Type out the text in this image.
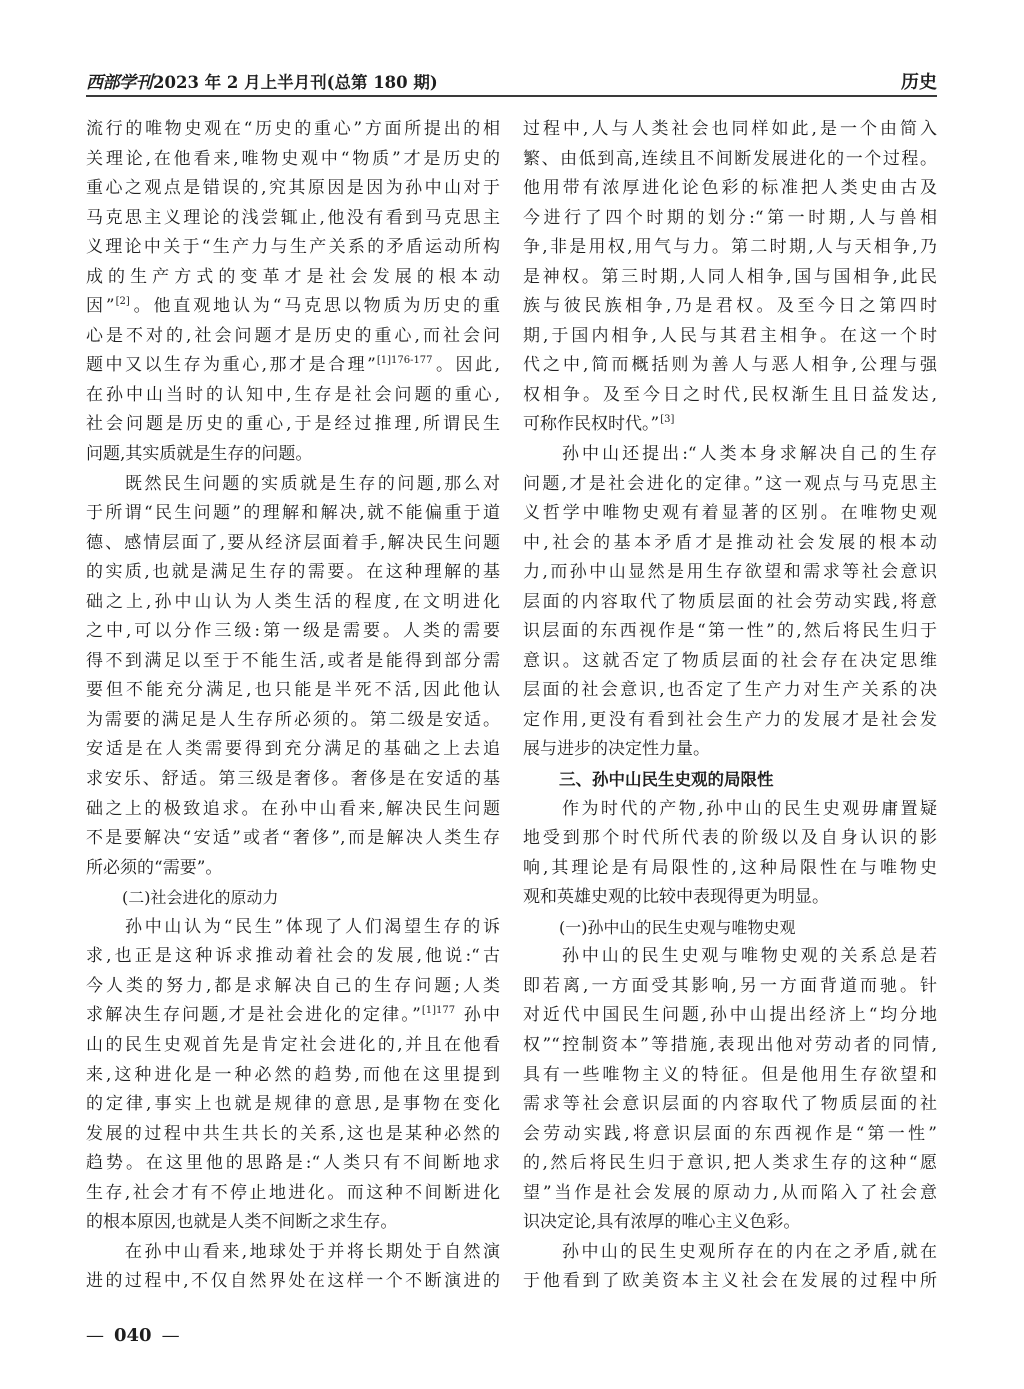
西部学刊 2023 年 2 月上半月刊(总第 180 期)	历史
流行的唯物史观在“历史的重心”方面所提出的相
关理论,在他看来,唯物史观中“物质”才是历史的
重心之观点是错误的,究其原因是因为孙中山对于
马克思主义理论的浅尝辄止,他没有看到马克思主
义理论中关于“生产力与生产关系的矛盾运动所构
成的生产方式的变革才是社会发展的根本动
因”[2]。他直观地认为“马克思以物质为历史的重
心是不对的,社会问题才是历史的重心,而社会问
题中又以生存为重心,那才是合理”$^{[1]176-177}$。因此,
在孙中山当时的认知中,生存是社会问题的重心,
社会问题是历史的重心,于是经过推理,所谓民生
问题,其实质就是生存的问题。
既然民生问题的实质就是生存的问题,那么对
于所谓“民生问题”的理解和解决,就不能偏重于道
德、感情层面了,要从经济层面着手,解决民生问题
的实质,也就是满足生存的需要。在这种理解的基
础之上,孙中山认为人类生活的程度,在文明进化
之中,可以分作三级:第一级是需要。人类的需要
得不到满足以至于不能生活,或者是能得到部分需
要但不能充分满足,也只能是半死不活,因此他认
为需要的满足是人生存所必须的。第二级是安适。
安适是在人类需要得到充分满足的基础之上去追
求安乐、舒适。第三级是奢侈。奢侈是在安适的基
础之上的极致追求。在孙中山看来,解决民生问题
不是要解决“安适”或者“奢侈”,而是解决人类生存
所必须的“需要”。
(二)社会进化的原动力
孙中山认为“民生”体现了人们渴望生存的诉
求,也正是这种诉求推动着社会的发展,他说:“古
今人类的努力,都是求解决自己的生存问题;人类
求解决生存问题,才是社会进化的定律。”$^{[1]177}$ 孙中
山的民生史观首先是肯定社会进化的,并且在他看
来,这种进化是一种必然的趋势,而他在这里提到
的定律,事实上也就是规律的意思,是事物在变化
发展的过程中共生共长的关系,这也是某种必然的
趋势。在这里他的思路是:“人类只有不间断地求
生存,社会才有不停止地进化。而这种不间断进化
的根本原因,也就是人类不间断之求生存。
在孙中山看来,地球处于并将长期处于自然演
进的过程中,不仅自然界处在这样一个不断演进的
过程中,人与人类社会也同样如此,是一个由简入
繁、由低到高,连续且不间断发展进化的一个过程。
他用带有浓厚进化论色彩的标准把人类史由古及
今进行了四个时期的划分:“第一时期,人与兽相
争,非是用权,用气与力。第二时期,人与天相争,乃
是神权。第三时期,人同人相争,国与国相争,此民
族与彼民族相争,乃是君权。及至今日之第四时
期,于国内相争,人民与其君主相争。在这一个时
代之中,简而概括则为善人与恶人相争,公理与强
权相争。及至今日之时代,民权渐生且日益发达,
可称作民权时代。”[3]
孙中山还提出:“人类本身求解决自己的生存
问题,才是社会进化的定律。”这一观点与马克思主
义哲学中唯物史观有着显著的区别。在唯物史观
中,社会的基本矛盾才是推动社会发展的根本动
力,而孙中山显然是用生存欲望和需求等社会意识
层面的内容取代了物质层面的社会劳动实践,将意
识层面的东西视作是“第一性”的,然后将民生归于
意识。这就否定了物质层面的社会存在决定思维
层面的社会意识,也否定了生产力对生产关系的决
定作用,更没有看到社会生产力的发展才是社会发
展与进步的决定性力量。
三、孙中山民生史观的局限性
作为时代的产物,孙中山的民生史观毋庸置疑
地受到那个时代所代表的阶级以及自身认识的影
响,其理论是有局限性的,这种局限性在与唯物史
观和英雄史观的比较中表现得更为明显。
(一)孙中山的民生史观与唯物史观
孙中山的民生史观与唯物史观的关系总是若
即若离,一方面受其影响,另一方面背道而驰。针
对近代中国民生问题,孙中山提出经济上“均分地
权”“控制资本”等措施,表现出他对劳动者的同情,
具有一些唯物主义的特征。但是他用生存欲望和
需求等社会意识层面的内容取代了物质层面的社
会劳动实践,将意识层面的东西视作是“第一性”
的,然后将民生归于意识,把人类求生存的这种“愿
望”当作是社会发展的原动力,从而陷入了社会意
识决定论,具有浓厚的唯心主义色彩。
孙中山的民生史观所存在的内在之矛盾,就在
于他看到了欧美资本主义社会在发展的过程中所
— 040 —
